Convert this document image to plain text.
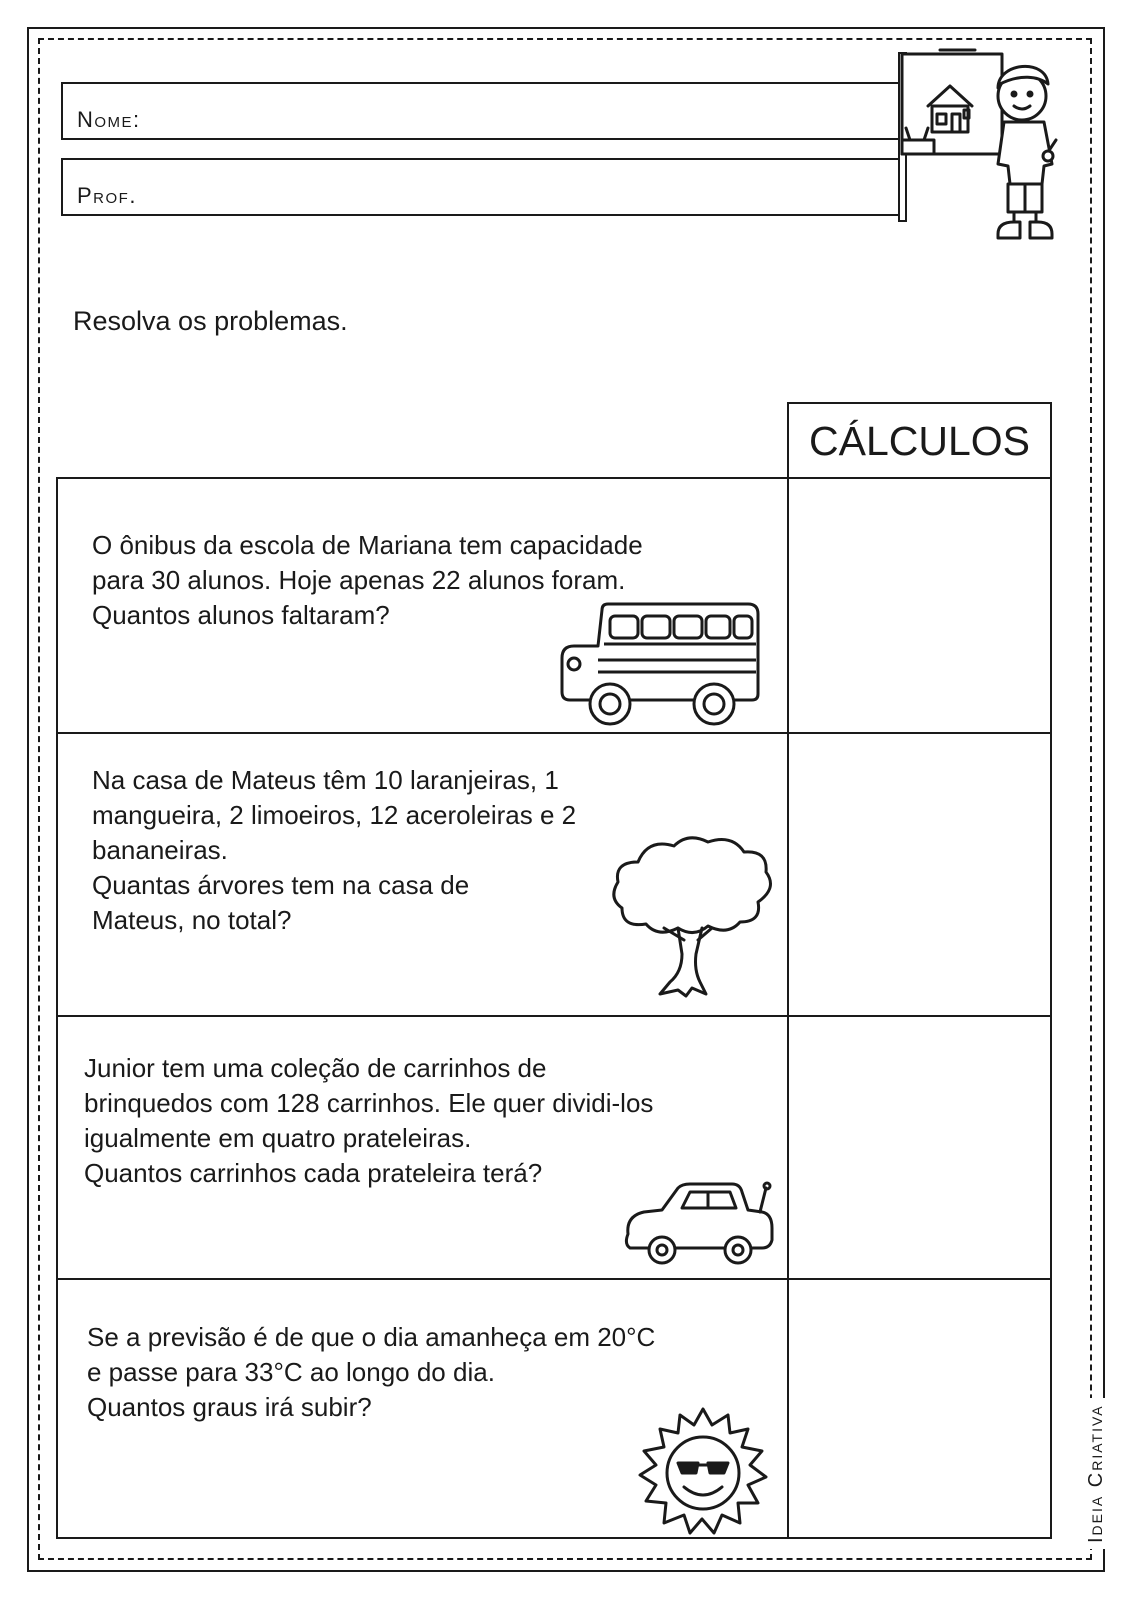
Nome:
Prof.
Resolva os problemas.
CÁLCULOS

O ônibus da escola de Mariana tem capacidade

para 30 alunos. Hoje apenas 22 alunos foram.

Quantos alunos faltaram?

Na casa de Mateus têm 10 laranjeiras, 1

mangueira, 2 limoeiros, 12 aceroleiras e 2

bananeiras.

Quantas árvores tem na casa de

Mateus, no total?

Junior tem uma coleção de carrinhos de

brinquedos com 128 carrinhos. Ele quer dividi-los

igualmente em quatro prateleiras.

Quantos carrinhos cada prateleira terá?

Se a previsão é de que o dia amanheça em 20°C

e passe para 33°C ao longo do dia.

Quantos graus irá subir?	Ideia Criativa
